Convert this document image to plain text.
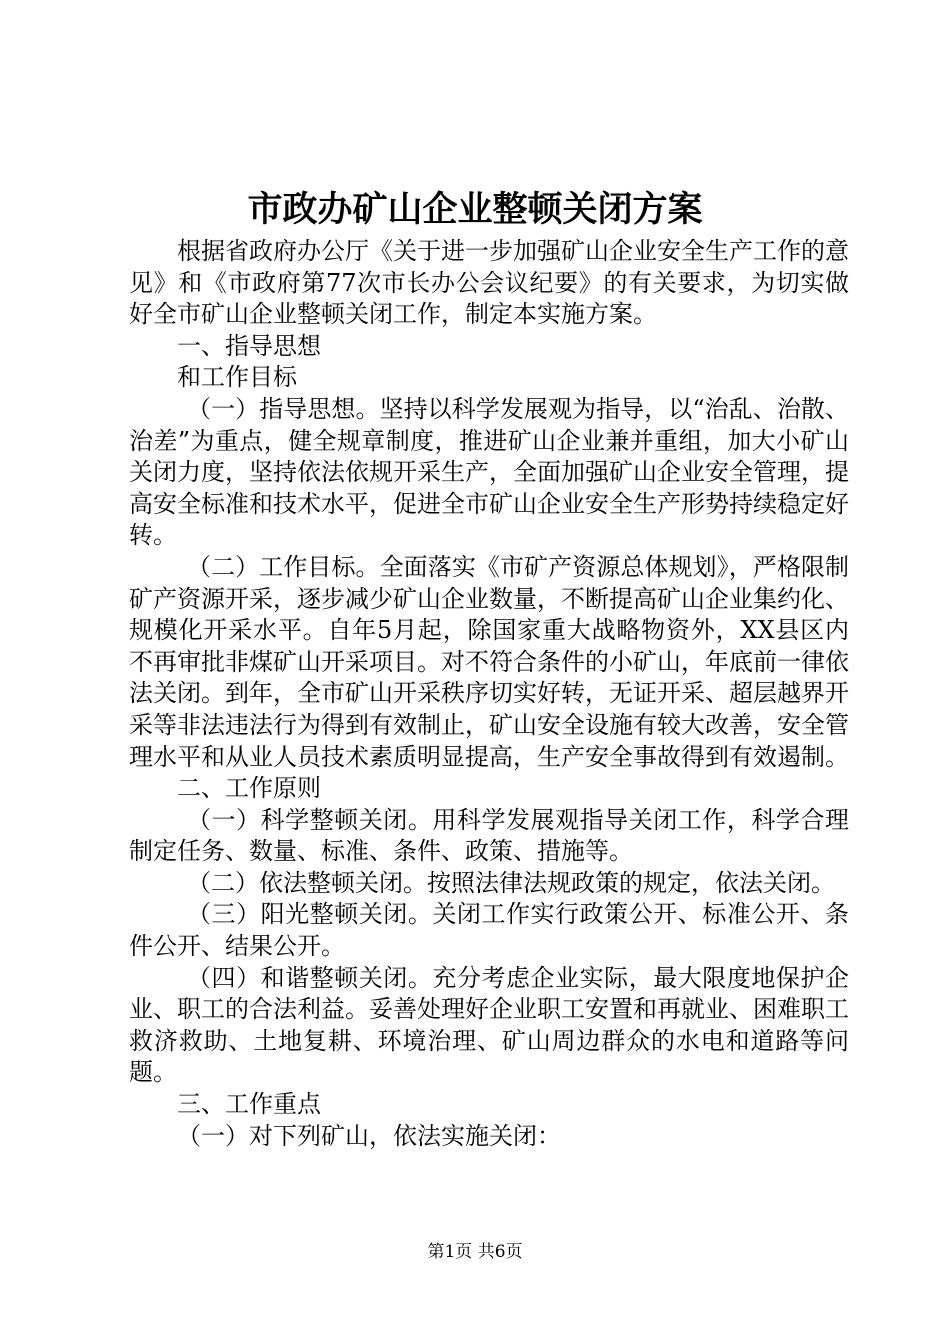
市政办矿山企业整顿关闭方案

根据省政府办公厅《关于进一步加强矿山企业安全生产工作的意见》和《市政府第77次市长办公会议纪要》的有关要求，为切实做好全市矿山企业整顿关闭工作，制定本实施方案。

一、指导思想

和工作目标

（一）指导思想。坚持以科学发展观为指导，以“治乱、治散、治差”为重点，健全规章制度，推进矿山企业兼并重组，加大小矿山关闭力度，坚持依法依规开采生产，全面加强矿山企业安全管理，提高安全标准和技术水平，促进全市矿山企业安全生产形势持续稳定好转。

（二）工作目标。全面落实《市矿产资源总体规划》，严格限制矿产资源开采，逐步减少矿山企业数量，不断提高矿山企业集约化、规模化开采水平。自年5月起，除国家重大战略物资外，XX县区内不再审批非煤矿山开采项目。对不符合条件的小矿山，年底前一律依法关闭。到年，全市矿山开采秩序切实好转，无证开采、超层越界开采等非法违法行为得到有效制止，矿山安全设施有较大改善，安全管理水平和从业人员技术素质明显提高，生产安全事故得到有效遏制。

二、工作原则

（一）科学整顿关闭。用科学发展观指导关闭工作，科学合理制定任务、数量、标准、条件、政策、措施等。

（二）依法整顿关闭。按照法律法规政策的规定，依法关闭。

（三）阳光整顿关闭。关闭工作实行政策公开、标准公开、条件公开、结果公开。

（四）和谐整顿关闭。充分考虑企业实际，最大限度地保护企业、职工的合法利益。妥善处理好企业职工安置和再就业、困难职工救济救助、土地复耕、环境治理、矿山周边群众的水电和道路等问题。

三、工作重点

（一）对下列矿山，依法实施关闭：

第1页 共6页
